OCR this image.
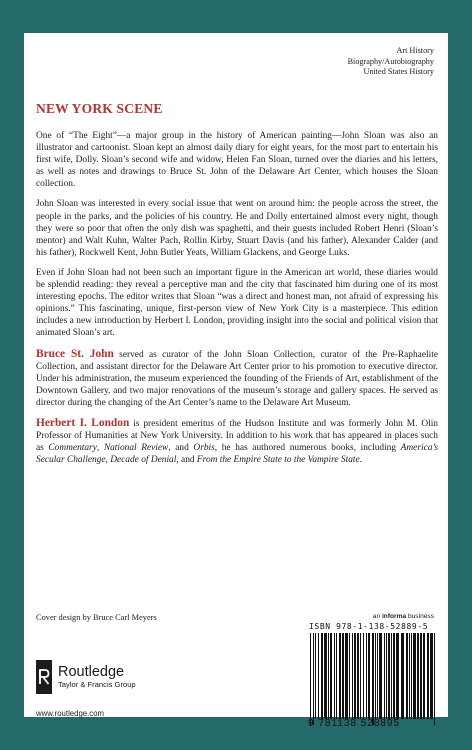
Art History
Biography/Autobiography
United States History
NEW YORK SCENE

One of “The Eight”—a major group in the history of American painting—John Sloan was also an illustrator and cartoonist. Sloan kept an almost daily diary for eight years, for the most part to entertain his first wife, Dolly. Sloan’s second wife and widow, Helen Fan Sloan, turned over the diaries and his letters, as well as notes and drawings to Bruce St. John of the Delaware Art Center, which houses the Sloan collection.

John Sloan was interested in every social issue that went on around him: the people across the street, the people in the parks, and the policies of his country. He and Dolly entertained almost every night, though they were so poor that often the only dish was spaghetti, and their guests included Robert Henri (Sloan’s mentor) and Walt Kuhn, Walter Pach, Rollin Kirby, Stuart Davis (and his father), Alexander Calder (and his father), Rockwell Kent, John Butler Yeats, William Glackens, and George Luks.

Even if John Sloan had not been such an important figure in the American art world, these diaries would be splendid reading: they reveal a perceptive man and the city that fascinated him during one of its most interesting epochs. The editor writes that Sloan “was a direct and honest man, not afraid of expressing his opinions.” This fascinating, unique, first-person view of New York City is a masterpiece. This edition includes a new introduction by Herbert I. London, providing insight into the social and political vision that animated Sloan’s art.

Bruce St. John served as curator of the John Sloan Collection, curator of the Pre-Raphaelite Collection, and assistant director for the Delaware Art Center prior to his promotion to executive director. Under his administration, the museum experienced the founding of the Friends of Art, establishment of the Downtown Gallery, and two major renovations of the museum’s storage and gallery spaces. He served as director during the changing of the Art Center’s name to the Delaware Art Museum.

Herbert I. London is president emeritus of the Hudson Institute and was formerly John M. Olin Professor of Humanities at New York University. In addition to his work that has appeared in places such as Commentary, National Review, and Orbis, he has authored numerous books, including America’s Secular Challenge, Decade of Denial, and From the Empire State to the Vampire State.

Cover design by Bruce Carl Meyers	an informa business
Routledge
Taylor & Francis Group
www.routledge.com
ISBN 978-1-138-52889-5
9 781138 528895
